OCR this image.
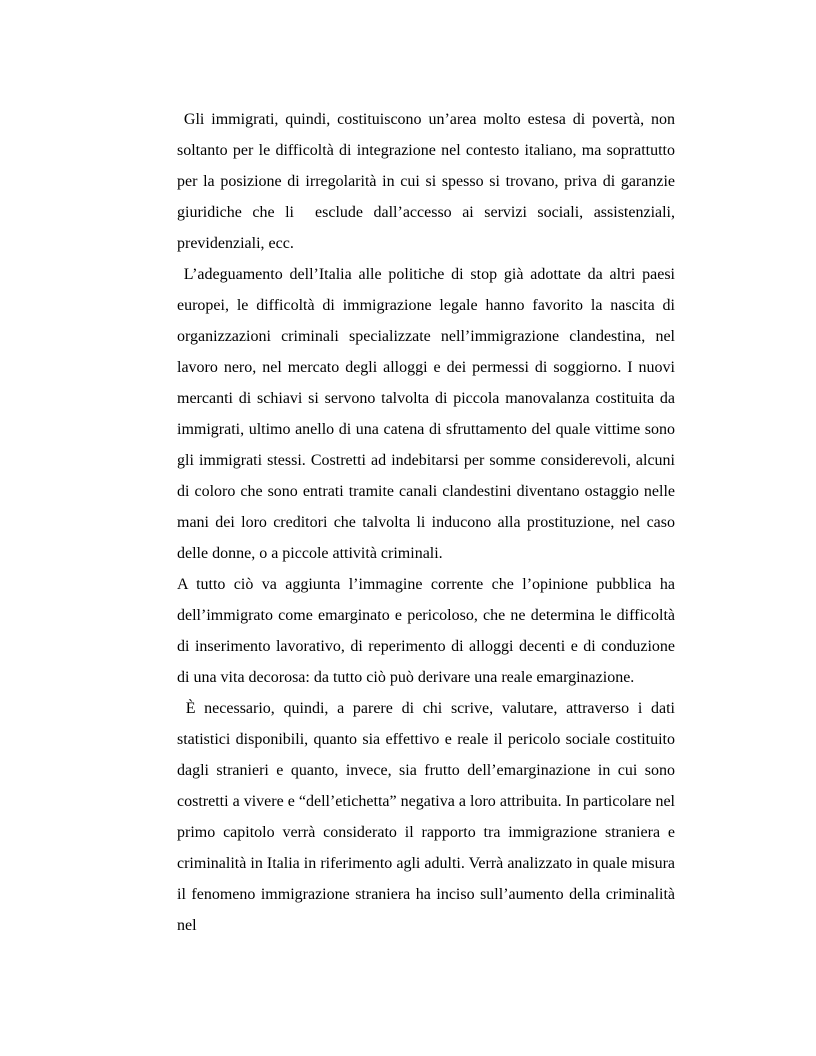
Gli immigrati, quindi, costituiscono un’area molto estesa di povertà, non soltanto per le difficoltà di integrazione nel contesto italiano, ma soprattutto per la posizione di irregolarità in cui si spesso si trovano, priva di garanzie giuridiche che li  esclude dall’accesso ai servizi sociali, assistenziali, previdenziali, ecc.

L’adeguamento dell’Italia alle politiche di stop già adottate da altri paesi europei, le difficoltà di immigrazione legale hanno favorito la nascita di organizzazioni criminali specializzate nell’immigrazione clandestina, nel lavoro nero, nel mercato degli alloggi e dei permessi di soggiorno. I nuovi mercanti di schiavi si servono talvolta di piccola manovalanza costituita da immigrati, ultimo anello di una catena di sfruttamento del quale vittime sono gli immigrati stessi. Costretti ad indebitarsi per somme considerevoli, alcuni di coloro che sono entrati tramite canali clandestini diventano ostaggio nelle mani dei loro creditori che talvolta li inducono alla prostituzione, nel caso delle donne, o a piccole attività criminali.

A tutto ciò va aggiunta l’immagine corrente che l’opinione pubblica ha dell’immigrato come emarginato e pericoloso, che ne determina le difficoltà di inserimento lavorativo, di reperimento di alloggi decenti e di conduzione di una vita decorosa: da tutto ciò può derivare una reale emarginazione.

È necessario, quindi, a parere di chi scrive, valutare, attraverso i dati statistici disponibili, quanto sia effettivo e reale il pericolo sociale costituito dagli stranieri e quanto, invece, sia frutto dell’emarginazione in cui sono costretti a vivere e “dell’etichetta” negativa a loro attribuita. In particolare nel primo capitolo verrà considerato il rapporto tra immigrazione straniera e criminalità in Italia in riferimento agli adulti. Verrà analizzato in quale misura il fenomeno immigrazione straniera ha inciso sull’aumento della criminalità nel
